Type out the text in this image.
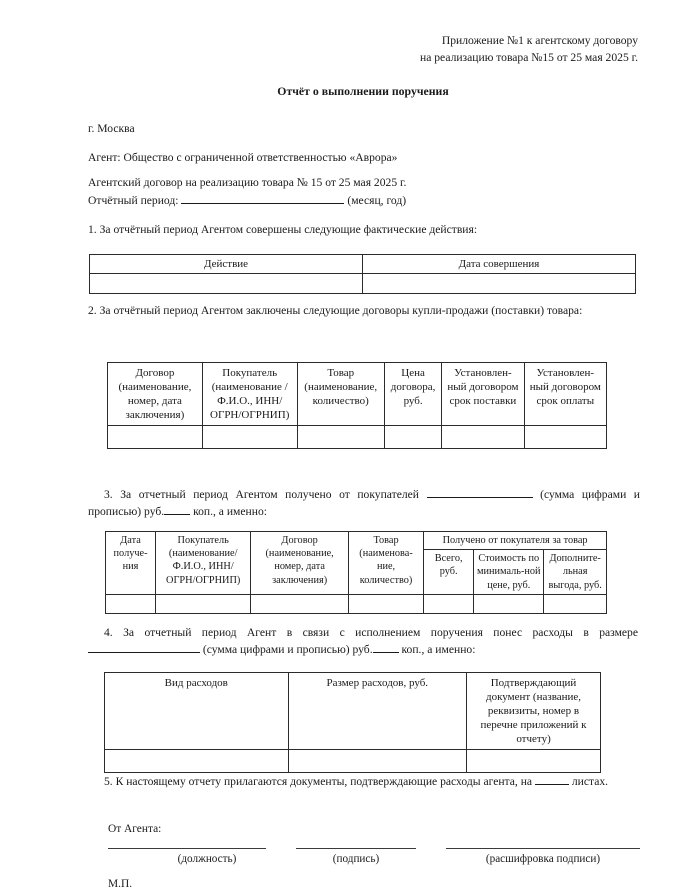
Приложение №1 к агентскому договору
на реализацию товара №15 от 25 мая 2025 г.
Отчёт о выполнении поручения
г. Москва
Агент: Общество с ограниченной ответственностью «Аврора»
Агентский договор на реализацию товара № 15 от 25 мая 2025 г.
Отчётный период:	(месяц, год)
1. За отчётный период Агентом совершены следующие фактические действия:
Действие	Дата совершения

2. За отчётный период Агентом заключены следующие договоры купли-продажи (поставки) товара:
Договор (наименование, номер, дата заключения)	Покупатель (наименование /Ф.И.О., ИНН/ОГРН/ОГРНИП)	Товар (наименование, количество)	Цена договора, руб.	Установлен-ный договором срок поставки	Установлен-ный договором срок оплаты

3. За отчетный период Агентом получено от покупателей	(сумма цифрами и прописью) руб. коп., а именно:
Дата получе-ния	Покупатель (наименование/Ф.И.О., ИНН/ОГРН/ОГРНИП)	Договор (наименование, номер, дата заключения)	Товар (наименова-ние, количество)	Получено от покупателя за товар		
				Всего, руб.	Стоимость по минималь-ной цене, руб.	Дополните-льная выгода, руб.

4. За отчетный период Агент в связи с исполнением поручения понес расходы в размере  (сумма цифрами и прописью) руб. коп., а именно:
Вид расходов	Размер расходов, руб.	Подтверждающий документ (название, реквизиты, номер в перечне приложений к отчету)

5. К настоящему отчету прилагаются документы, подтверждающие расходы агента, на	листах.
От Агента:
(должность)	(подпись)	(расшифровка подписи)
М.П.
